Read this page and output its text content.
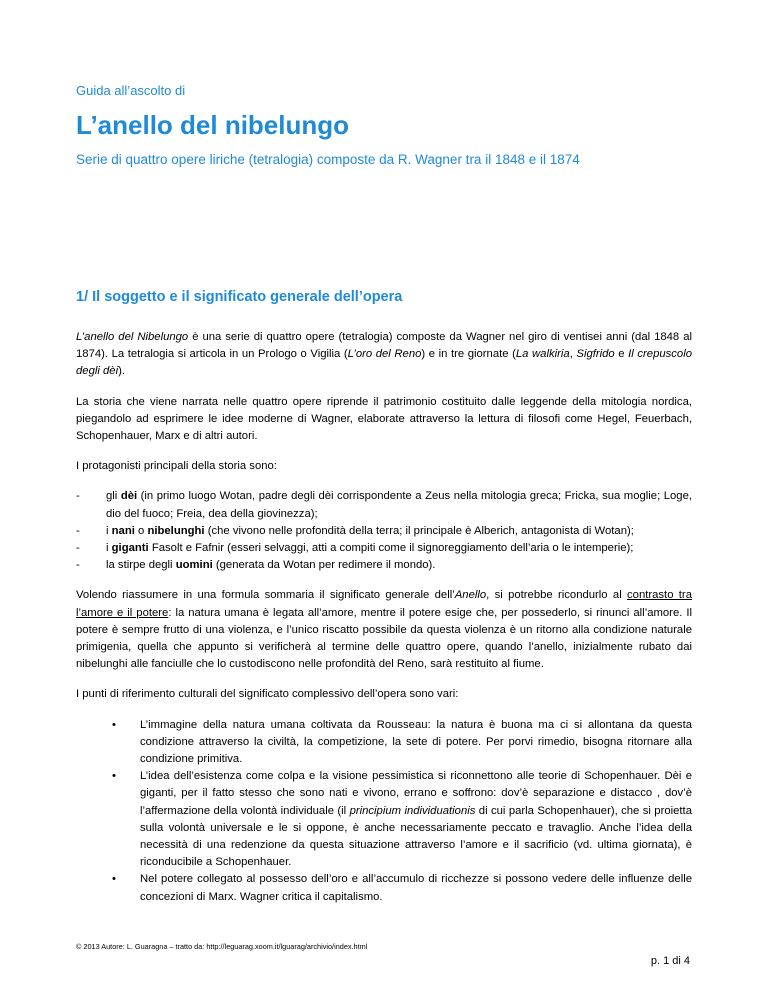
Guida all’ascolto di
L’anello del nibelungo
Serie di quattro opere liriche (tetralogia) composte da R. Wagner tra il 1848 e il 1874
1/ Il soggetto e il significato generale dell’opera

L’anello del Nibelungo è una serie di quattro opere (tetralogia) composte da Wagner nel giro di ventisei anni (dal 1848 al 1874). La tetralogia si articola in un Prologo o Vigilia (L’oro del Reno) e in tre giornate (La walkiria, Sigfrido e Il crepuscolo degli dèi).

La storia che viene narrata nelle quattro opere riprende il patrimonio costituito dalle leggende della mitologia nordica, piegandolo ad esprimere le idee moderne di Wagner, elaborate attraverso la lettura di filosofi come Hegel, Feuerbach, Schopenhauer, Marx e di altri autori.

I protagonisti principali della storia sono:

- gli dèi (in primo luogo Wotan, padre degli dèi corrispondente a Zeus nella mitologia greca; Fricka, sua moglie; Loge, dio del fuoco; Freia, dea della giovinezza);
- i nani o nibelunghi (che vivono nelle profondità della terra; il principale è Alberich, antagonista di Wotan);
- i giganti Fasolt e Fafnir (esseri selvaggi, atti a compiti come il signoreggiamento dell’aria o le intemperie);
- la stirpe degli uomini (generata da Wotan per redimere il mondo).

Volendo riassumere in una formula sommaria il significato generale dell’Anello, si potrebbe ricondurlo al contrasto tra l’amore e il potere: la natura umana è legata all’amore, mentre il potere esige che, per possederlo, si rinunci all’amore. Il potere è sempre frutto di una violenza, e l’unico riscatto possibile da questa violenza è un ritorno alla condizione naturale primigenia, quella che appunto si verificherà al termine delle quattro opere, quando l’anello, inizialmente rubato dai nibelunghi alle fanciulle che lo custodiscono nelle profondità del Reno, sarà restituito al fiume.

I punti di riferimento culturali del significato complessivo dell’opera sono vari:

• L’immagine della natura umana coltivata da Rousseau: la natura è buona ma ci si allontana da questa condizione attraverso la civiltà, la competizione, la sete di potere. Per porvi rimedio, bisogna ritornare alla condizione primitiva.
• L’idea dell’esistenza come colpa e la visione pessimistica si riconnettono alle teorie di Schopenhauer. Dèi e giganti, per il fatto stesso che sono nati e vivono, errano e soffrono: dov’è separazione e distacco , dov’è l’affermazione della volontà individuale (il principium individuationis di cui parla Schopenhauer), che si proietta sulla volontà universale e le si oppone, è anche necessariamente peccato e travaglio. Anche l’idea della necessità di una redenzione da questa situazione attraverso l’amore e il sacrificio (vd. ultima giornata), è riconducibile a Schopenhauer.
• Nel potere collegato al possesso dell’oro e all’accumulo di ricchezze si possono vedere delle influenze delle concezioni di Marx. Wagner critica il capitalismo.
© 2013 Autore: L. Guaragna – tratto da: http://leguarag.xoom.it/lguarag/archivio/index.html
p. 1 di 4
